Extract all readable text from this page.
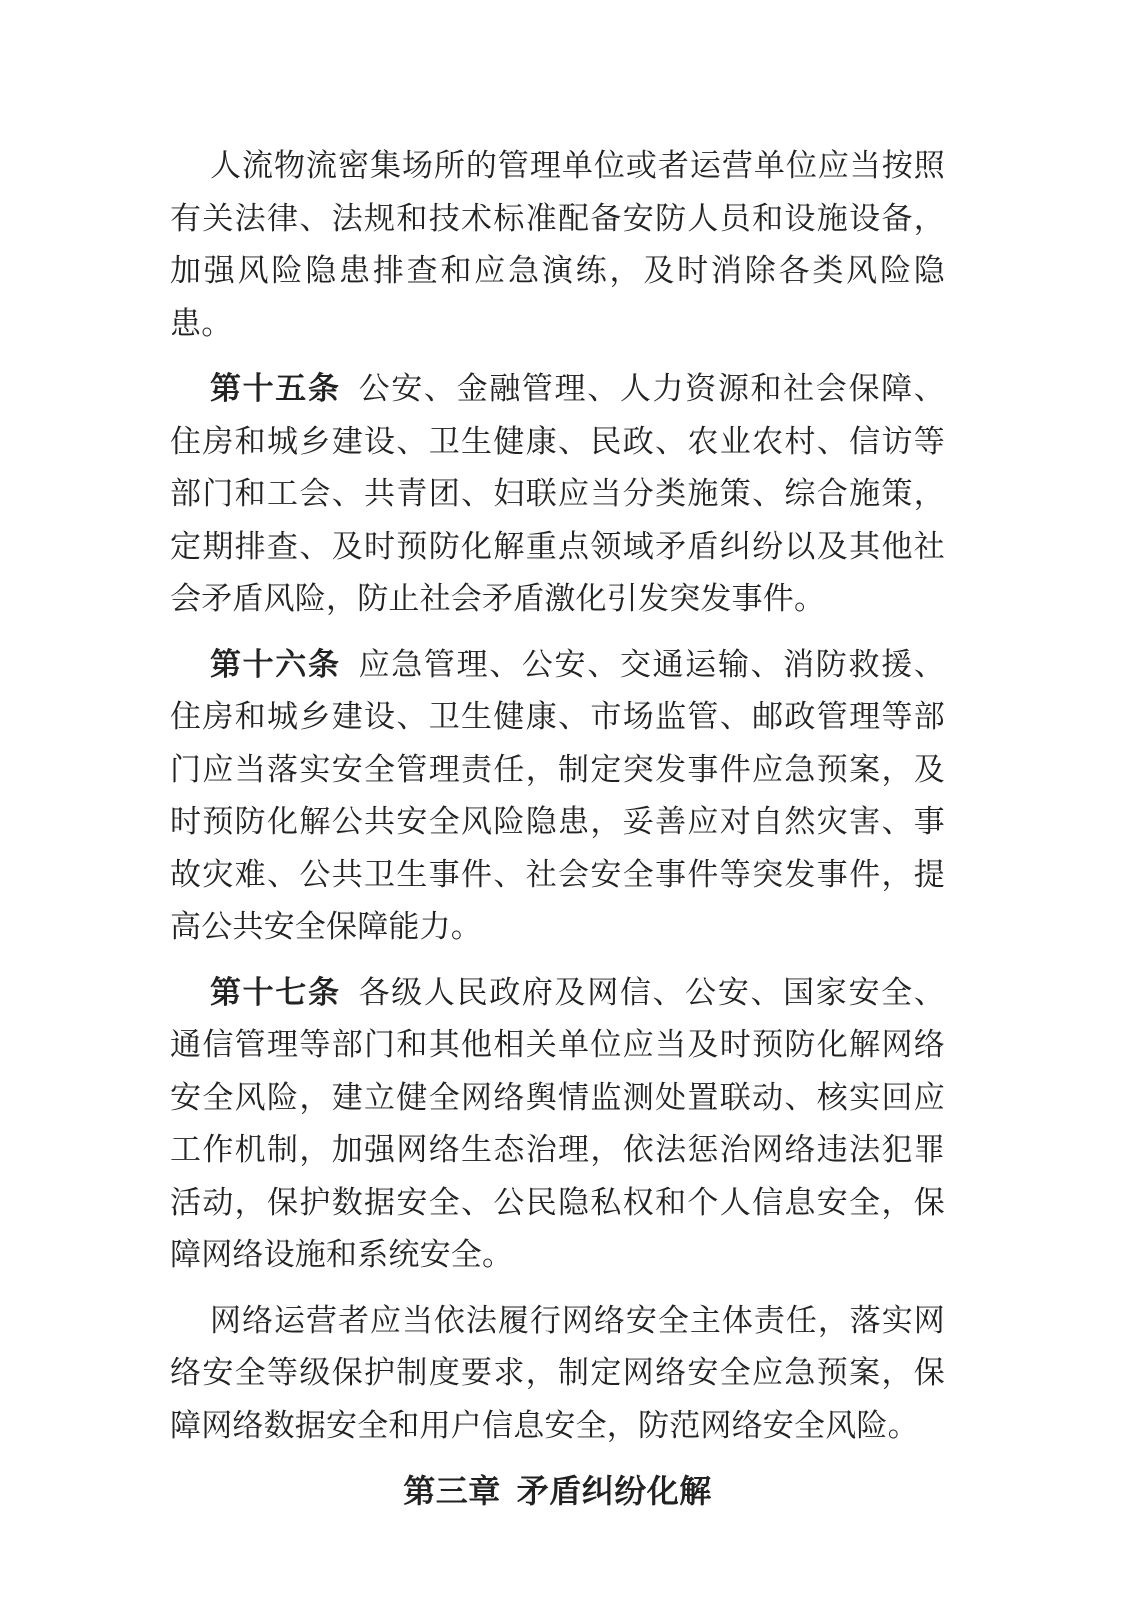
人流物流密集场所的管理单位或者运营单位应当按照有关法律、法规和技术标准配备安防人员和设施设备，加强风险隐患排查和应急演练，及时消除各类风险隐患。

第十五条 公安、金融管理、人力资源和社会保障、住房和城乡建设、卫生健康、民政、农业农村、信访等部门和工会、共青团、妇联应当分类施策、综合施策，定期排查、及时预防化解重点领域矛盾纠纷以及其他社会矛盾风险，防止社会矛盾激化引发突发事件。

第十六条 应急管理、公安、交通运输、消防救援、住房和城乡建设、卫生健康、市场监管、邮政管理等部门应当落实安全管理责任，制定突发事件应急预案，及时预防化解公共安全风险隐患，妥善应对自然灾害、事故灾难、公共卫生事件、社会安全事件等突发事件，提高公共安全保障能力。

第十七条 各级人民政府及网信、公安、国家安全、通信管理等部门和其他相关单位应当及时预防化解网络安全风险，建立健全网络舆情监测处置联动、核实回应工作机制，加强网络生态治理，依法惩治网络违法犯罪活动，保护数据安全、公民隐私权和个人信息安全，保障网络设施和系统安全。

网络运营者应当依法履行网络安全主体责任，落实网络安全等级保护制度要求，制定网络安全应急预案，保障网络数据安全和用户信息安全，防范网络安全风险。

第三章 矛盾纠纷化解
